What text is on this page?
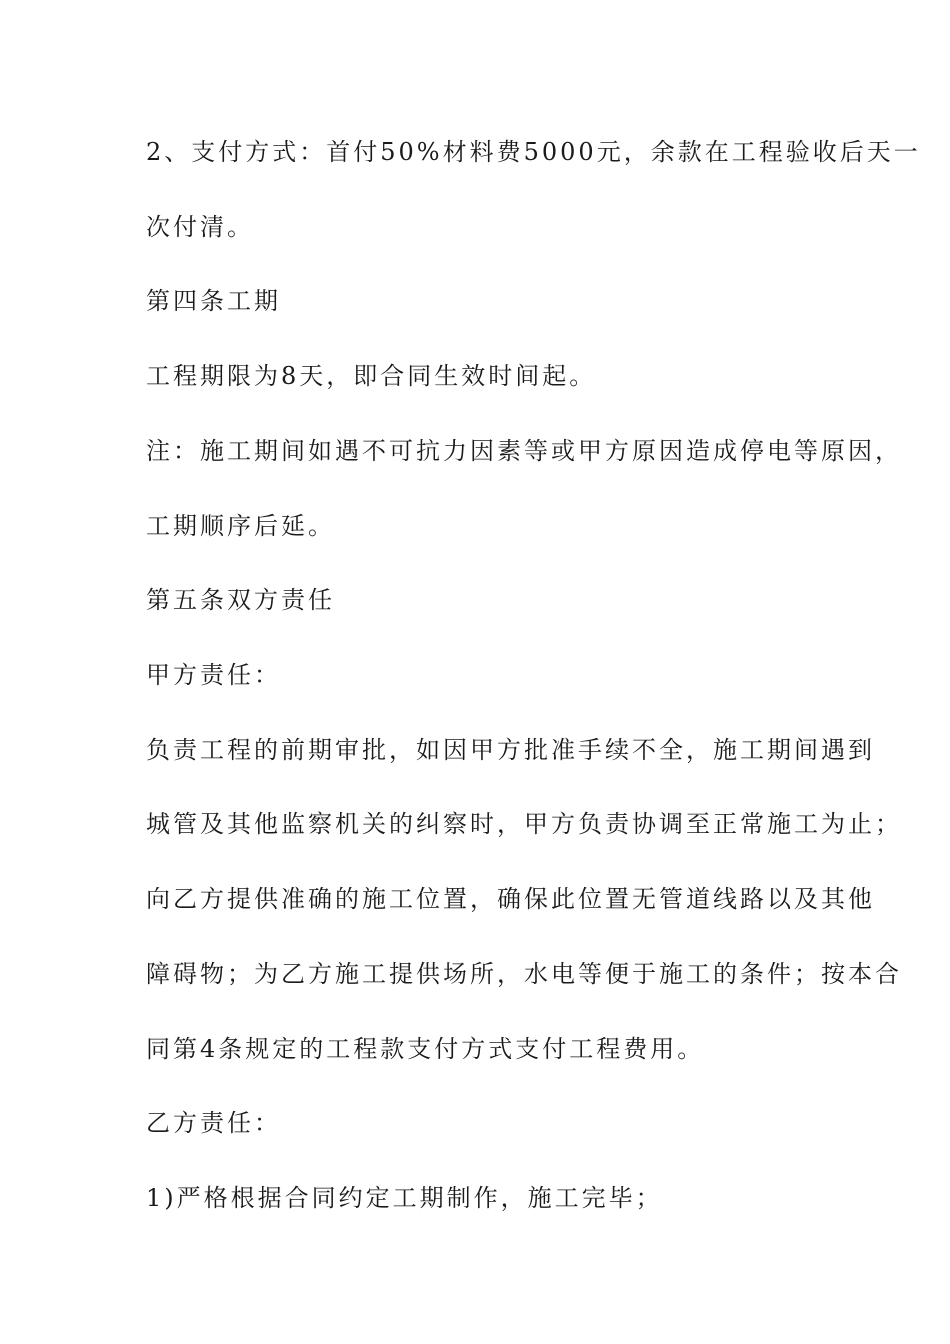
2、支付方式：首付50%材料费5000元，余款在工程验收后天一
次付清。
第四条工期
工程期限为8天，即合同生效时间起。
注：施工期间如遇不可抗力因素等或甲方原因造成停电等原因，
工期顺序后延。
第五条双方责任
甲方责任：
负责工程的前期审批，如因甲方批准手续不全，施工期间遇到
城管及其他监察机关的纠察时，甲方负责协调至正常施工为止；
向乙方提供准确的施工位置，确保此位置无管道线路以及其他
障碍物；为乙方施工提供场所，水电等便于施工的条件；按本合
同第4条规定的工程款支付方式支付工程费用。
乙方责任：
1)严格根据合同约定工期制作，施工完毕；
